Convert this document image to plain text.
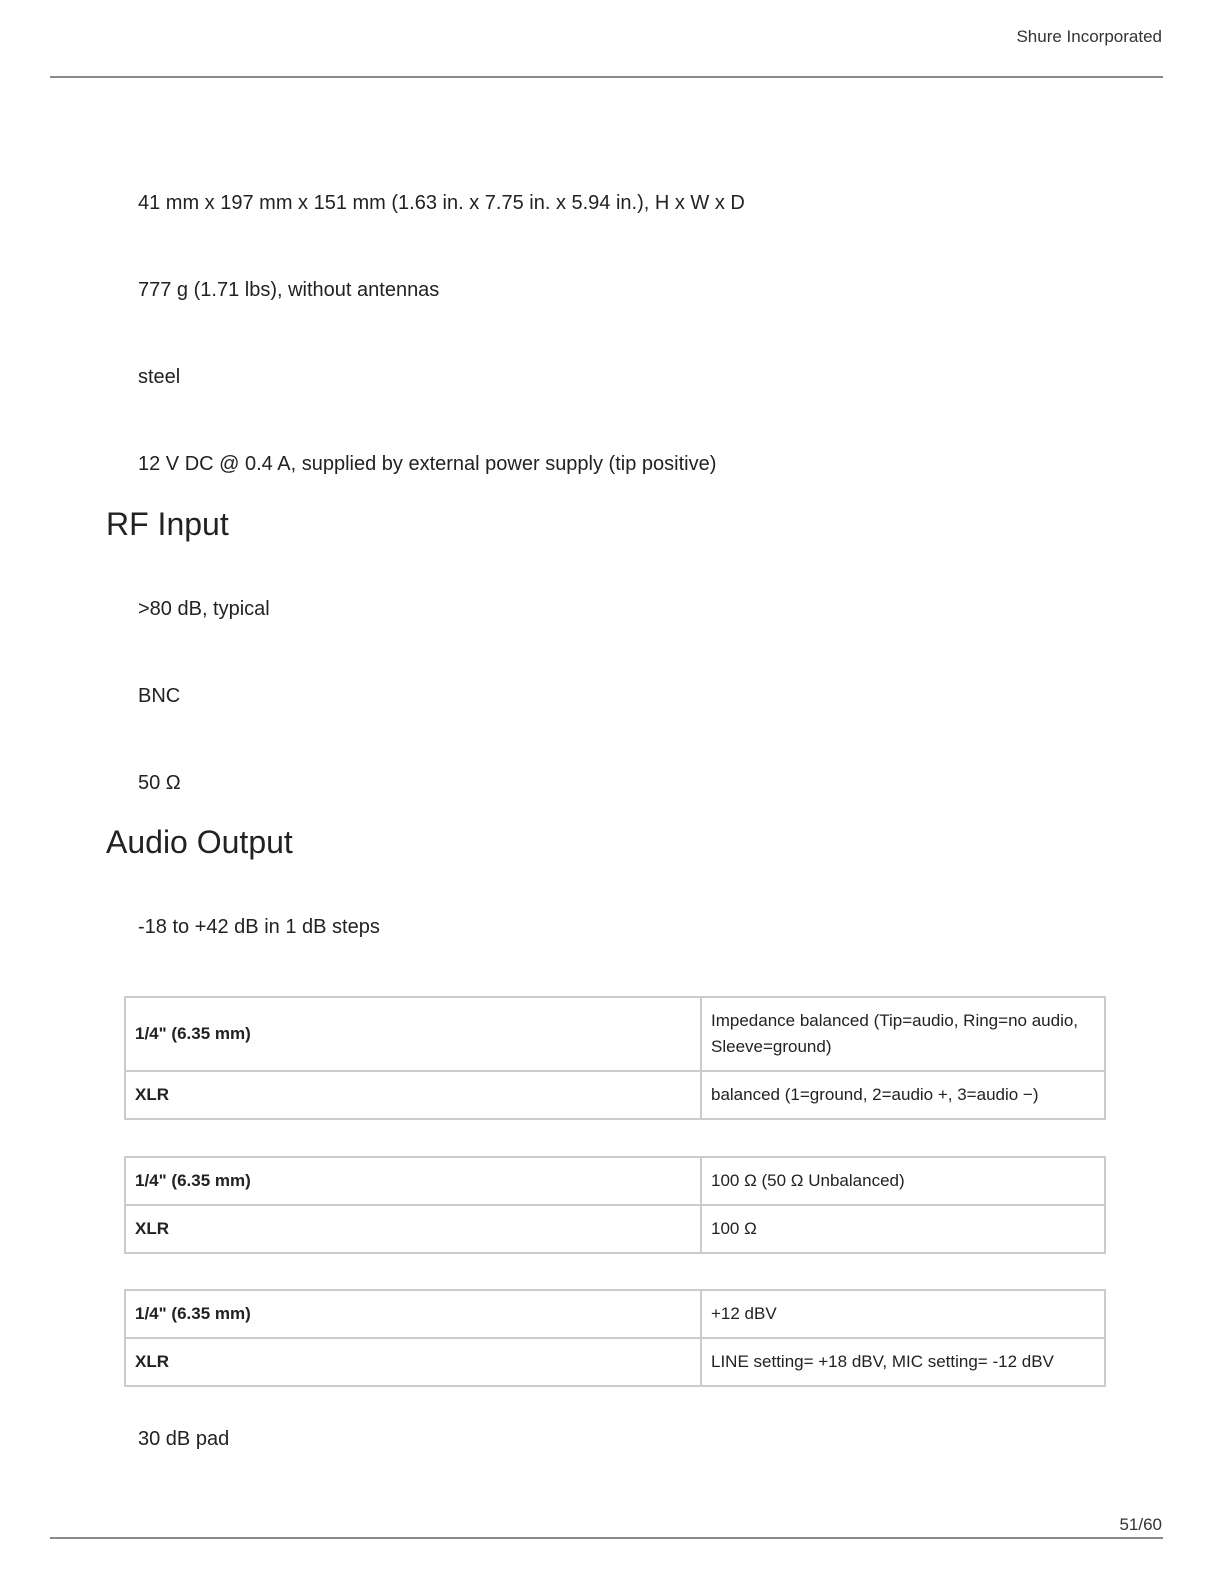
Shure Incorporated
41 mm x 197 mm x 151 mm (1.63 in. x 7.75 in. x 5.94 in.), H x W x D
777 g (1.71 lbs), without antennas
steel
12 V DC @ 0.4 A, supplied by external power supply (tip positive)
RF Input
>80 dB, typical
BNC
50 Ω
Audio Output
-18 to +42 dB in 1 dB steps
1/4" (6.35 mm)	Impedance balanced (Tip=audio, Ring=no audio, Sleeve=ground)
XLR	balanced (1=ground, 2=audio +, 3=audio −)
1/4" (6.35 mm)	100 Ω (50 Ω Unbalanced)
XLR	100 Ω
1/4" (6.35 mm)	+12 dBV
XLR	LINE setting= +18 dBV, MIC setting= -12 dBV
30 dB pad
51/60
